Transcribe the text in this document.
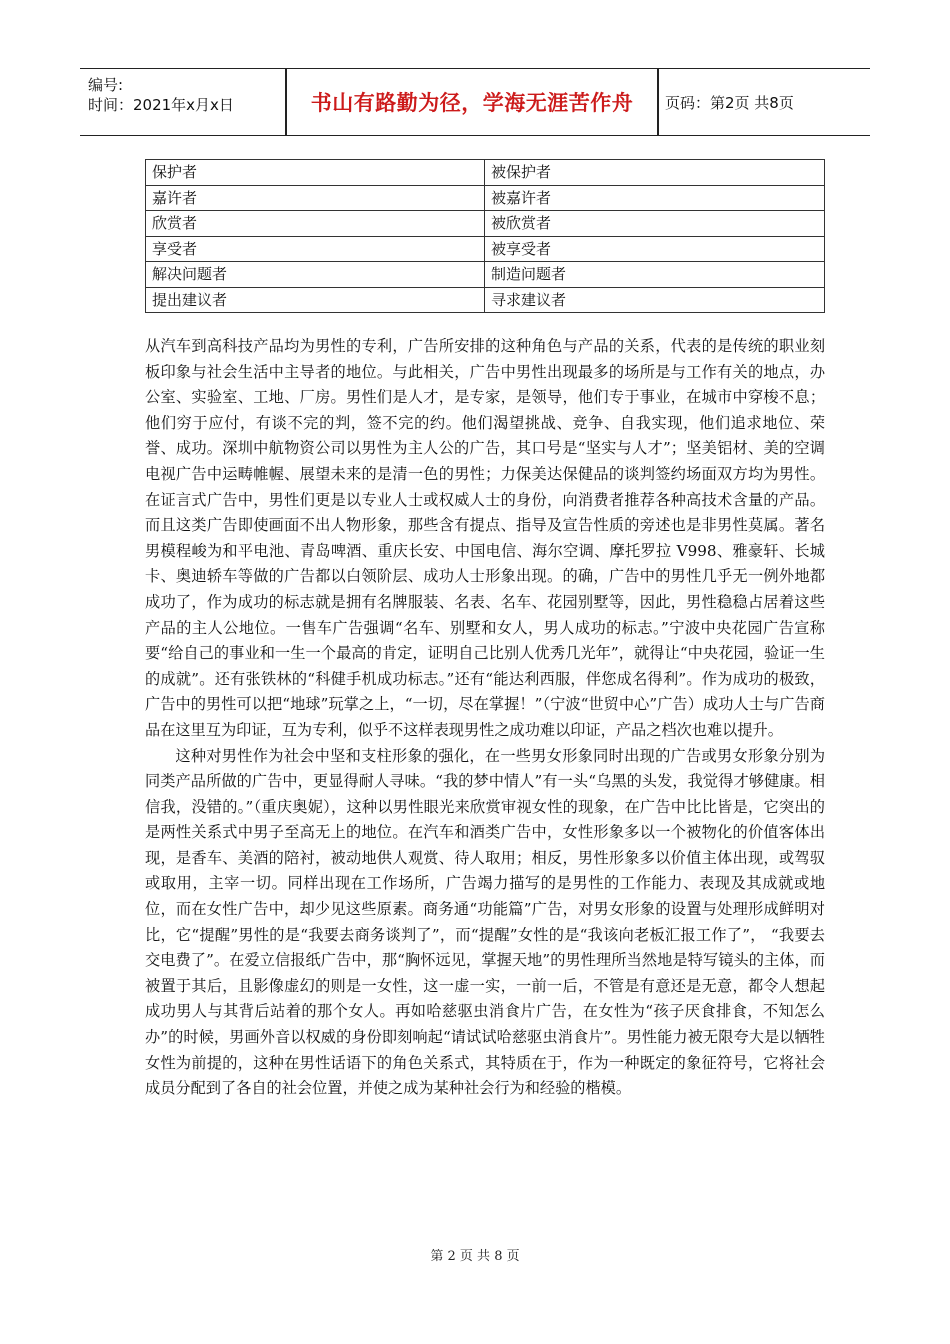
编号:
时间：2021年x月x日	书山有路勤为径，学海无涯苦作舟	页码：第2页 共8页
保护者	被保护者
嘉许者	被嘉许者
欣赏者	被欣赏者
享受者	被享受者
解决问题者	制造问题者
提出建议者	寻求建议者

从汽车到高科技产品均为男性的专利，广告所安排的这种角色与产品的关系，代表的是传统的职业刻板印象与社会生活中主导者的地位。与此相关，广告中男性出现最多的场所是与工作有关的地点，办公室、实验室、工地、厂房。男性们是人才，是专家，是领导，他们专于事业，在城市中穿梭不息；他们穷于应付，有谈不完的判，签不完的约。他们渴望挑战、竞争、自我实现，他们追求地位、荣誉、成功。深圳中航物资公司以男性为主人公的广告，其口号是“坚实与人才”；坚美铝材、美的空调电视广告中运畴帷幄、展望未来的是清一色的男性；力保美达保健品的谈判签约场面双方均为男性。在证言式广告中，男性们更是以专业人士或权威人士的身份，向消费者推荐各种高技术含量的产品。而且这类广告即使画面不出人物形象，那些含有提点、指导及宣告性质的旁述也是非男性莫属。著名男模程峻为和平电池、青岛啤酒、重庆长安、中国电信、海尔空调、摩托罗拉 V998、雅豪轩、长城卡、奥迪轿车等做的广告都以白领阶层、成功人士形象出现。的确，广告中的男性几乎无一例外地都成功了，作为成功的标志就是拥有名牌服装、名表、名车、花园别墅等，因此，男性稳稳占居着这些产品的主人公地位。一售车广告强调“名车、别墅和女人，男人成功的标志。”宁波中央花园广告宣称要“给自己的事业和一生一个最高的肯定，证明自己比别人优秀几光年”，就得让“中央花园，验证一生的成就”。还有张铁林的“科健手机成功标志。”还有“能达利西服，伴您成名得利”。作为成功的极致，广告中的男性可以把“地球”玩掌之上，“一切，尽在掌握！”（宁波“世贸中心”广告）成功人士与广告商品在这里互为印证，互为专利，似乎不这样表现男性之成功难以印证，产品之档次也难以提升。

这种对男性作为社会中坚和支柱形象的强化，在一些男女形象同时出现的广告或男女形象分别为同类产品所做的广告中，更显得耐人寻味。“我的梦中情人”有一头“乌黑的头发，我觉得才够健康。相信我，没错的。”（重庆奥妮），这种以男性眼光来欣赏审视女性的现象，在广告中比比皆是，它突出的是两性关系式中男子至高无上的地位。在汽车和酒类广告中，女性形象多以一个被物化的价值客体出现，是香车、美酒的陪衬，被动地供人观赏、待人取用；相反，男性形象多以价值主体出现，或驾驭或取用，主宰一切。同样出现在工作场所，广告竭力描写的是男性的工作能力、表现及其成就或地位，而在女性广告中，却少见这些原素。商务通“功能篇”广告，对男女形象的设置与处理形成鲜明对比，它“提醒”男性的是“我要去商务谈判了”，而“提醒”女性的是“我该向老板汇报工作了”， “我要去交电费了”。在爱立信报纸广告中，那“胸怀远见，掌握天地”的男性理所当然地是特写镜头的主体，而被置于其后，且影像虚幻的则是一女性，这一虚一实，一前一后，不管是有意还是无意，都令人想起成功男人与其背后站着的那个女人。再如哈慈驱虫消食片广告，在女性为“孩子厌食排食，不知怎么办”的时候，男画外音以权威的身份即刻响起“请试试哈慈驱虫消食片”。男性能力被无限夸大是以牺牲女性为前提的，这种在男性话语下的角色关系式，其特质在于，作为一种既定的象征符号，它将社会成员分配到了各自的社会位置，并使之成为某种社会行为和经验的楷模。

第 2 页 共 8 页
